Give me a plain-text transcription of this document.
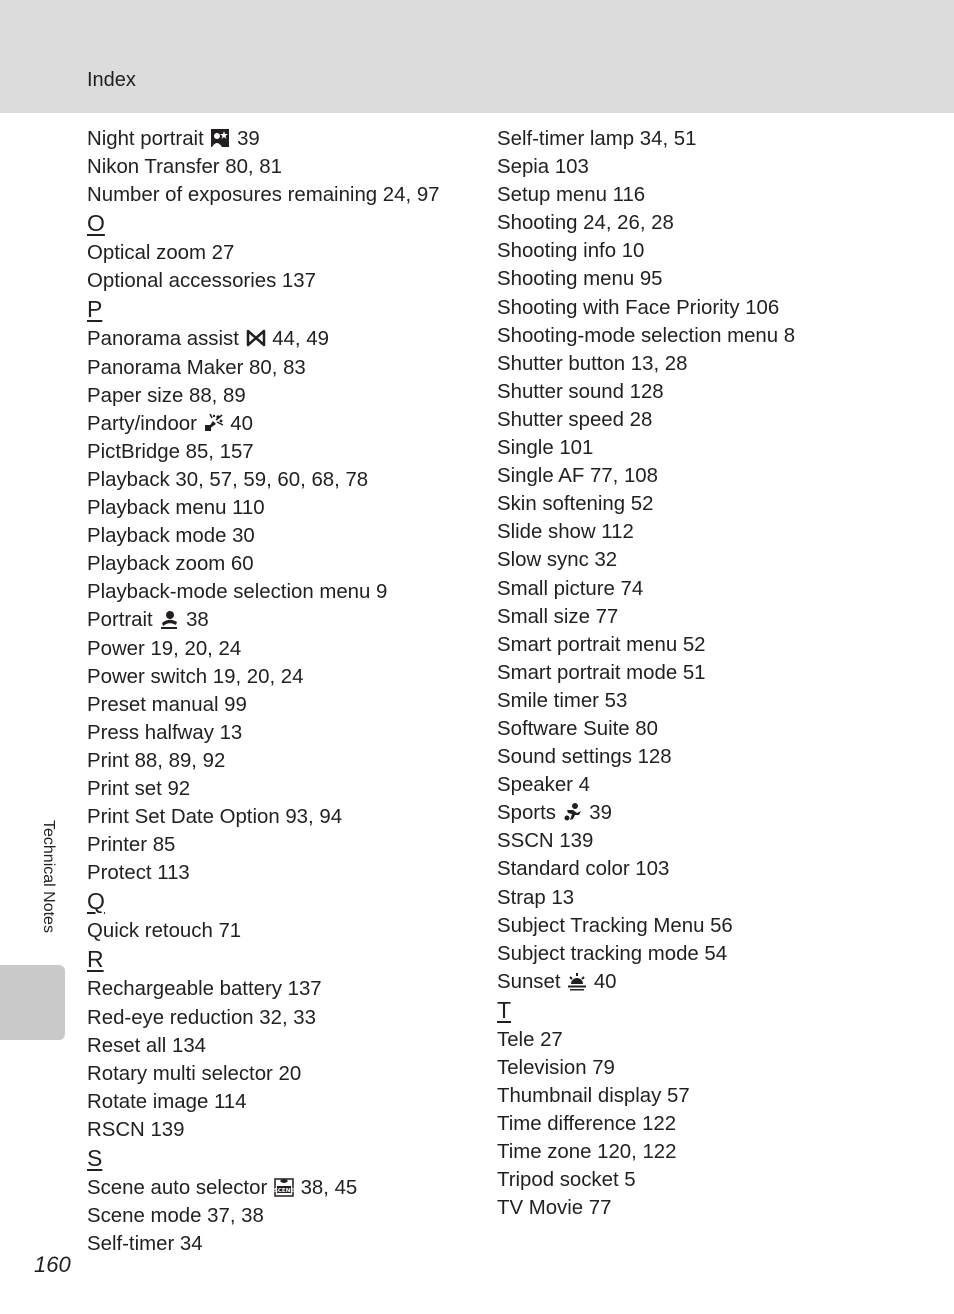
Index
Night portrait 39
Nikon Transfer 80, 81
Number of exposures remaining 24, 97
O
Optical zoom 27
Optional accessories 137
P
Panorama assist 44, 49
Panorama Maker 80, 83
Paper size 88, 89
Party/indoor 40
PictBridge 85, 157
Playback 30, 57, 59, 60, 68, 78
Playback menu 110
Playback mode 30
Playback zoom 60
Playback-mode selection menu 9
Portrait 38
Power 19, 20, 24
Power switch 19, 20, 24
Preset manual 99
Press halfway 13
Print 88, 89, 92
Print set 92
Print Set Date Option 93, 94
Printer 85
Protect 113
Q
Quick retouch 71
R
Rechargeable battery 137
Red-eye reduction 32, 33
Reset all 134
Rotary multi selector 20
Rotate image 114
RSCN 139
S
Scene auto selector SCENE 38, 45
Scene mode 37, 38
Self-timer 34
Self-timer lamp 34, 51
Sepia 103
Setup menu 116
Shooting 24, 26, 28
Shooting info 10
Shooting menu 95
Shooting with Face Priority 106
Shooting-mode selection menu 8
Shutter button 13, 28
Shutter sound 128
Shutter speed 28
Single 101
Single AF 77, 108
Skin softening 52
Slide show 112
Slow sync 32
Small picture 74
Small size 77
Smart portrait menu 52
Smart portrait mode 51
Smile timer 53
Software Suite 80
Sound settings 128
Speaker 4
Sports 39
SSCN 139
Standard color 103
Strap 13
Subject Tracking Menu 56
Subject tracking mode 54
Sunset 40
T
Tele 27
Television 79
Thumbnail display 57
Time difference 122
Time zone 120, 122
Tripod socket 5
TV Movie 77
Technical Notes
160
